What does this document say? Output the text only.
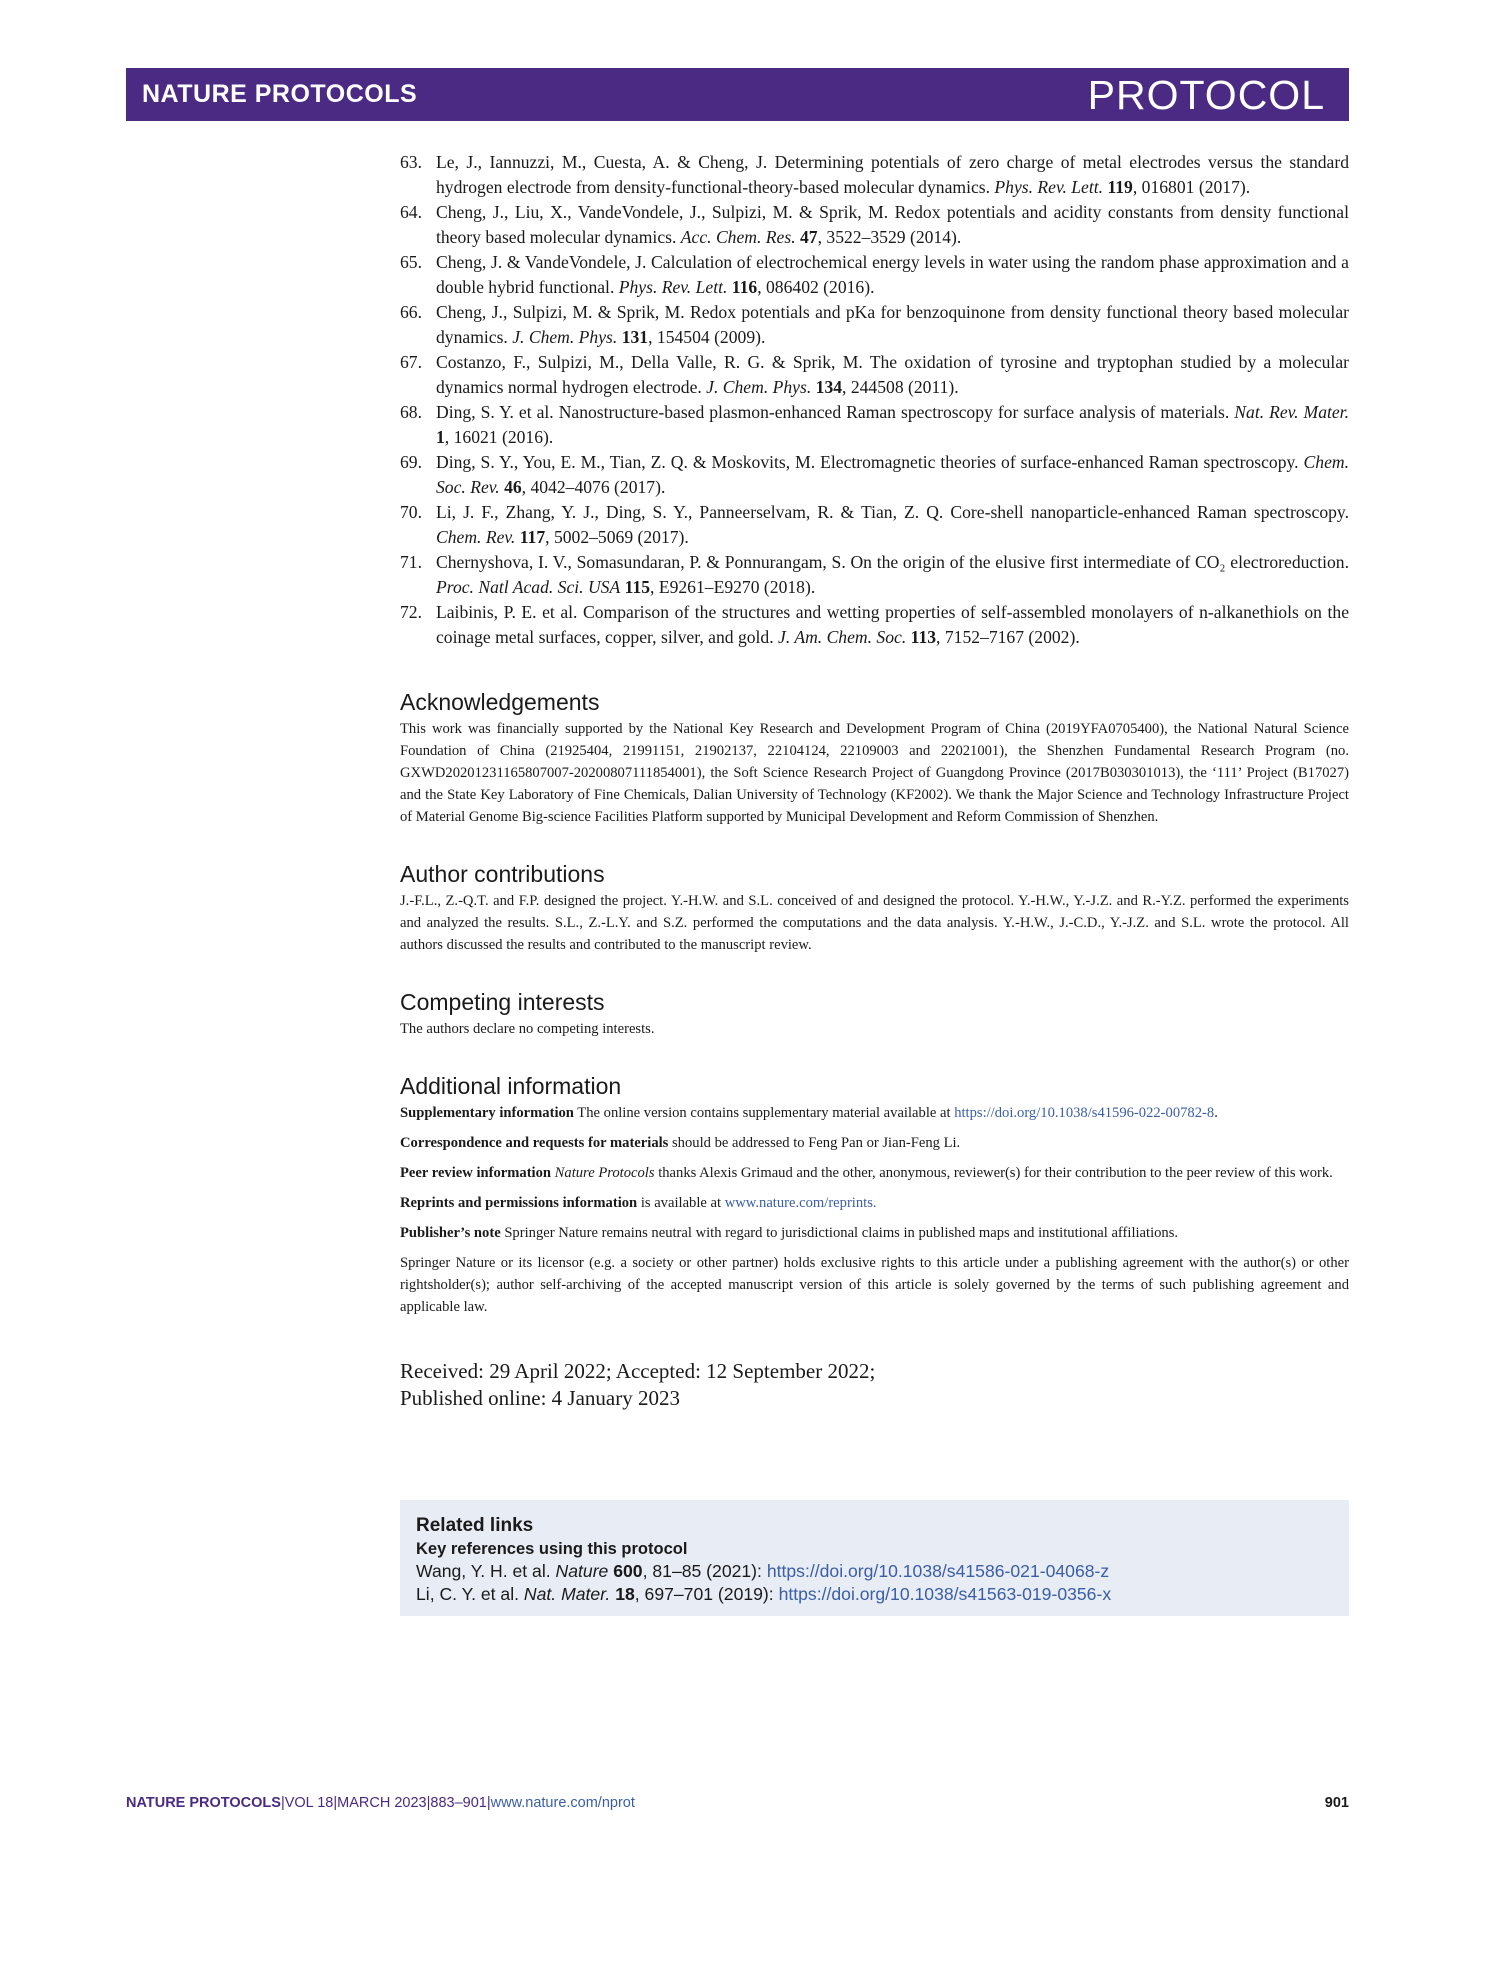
NATURE PROTOCOLS	PROTOCOL
63. Le, J., Iannuzzi, M., Cuesta, A. & Cheng, J. Determining potentials of zero charge of metal electrodes versus the standard hydrogen electrode from density-functional-theory-based molecular dynamics. Phys. Rev. Lett. 119, 016801 (2017).
64. Cheng, J., Liu, X., VandeVondele, J., Sulpizi, M. & Sprik, M. Redox potentials and acidity constants from density functional theory based molecular dynamics. Acc. Chem. Res. 47, 3522–3529 (2014).
65. Cheng, J. & VandeVondele, J. Calculation of electrochemical energy levels in water using the random phase approximation and a double hybrid functional. Phys. Rev. Lett. 116, 086402 (2016).
66. Cheng, J., Sulpizi, M. & Sprik, M. Redox potentials and pKa for benzoquinone from density functional theory based molecular dynamics. J. Chem. Phys. 131, 154504 (2009).
67. Costanzo, F., Sulpizi, M., Della Valle, R. G. & Sprik, M. The oxidation of tyrosine and tryptophan studied by a molecular dynamics normal hydrogen electrode. J. Chem. Phys. 134, 244508 (2011).
68. Ding, S. Y. et al. Nanostructure-based plasmon-enhanced Raman spectroscopy for surface analysis of materials. Nat. Rev. Mater. 1, 16021 (2016).
69. Ding, S. Y., You, E. M., Tian, Z. Q. & Moskovits, M. Electromagnetic theories of surface-enhanced Raman spectroscopy. Chem. Soc. Rev. 46, 4042–4076 (2017).
70. Li, J. F., Zhang, Y. J., Ding, S. Y., Panneerselvam, R. & Tian, Z. Q. Core-shell nanoparticle-enhanced Raman spectroscopy. Chem. Rev. 117, 5002–5069 (2017).
71. Chernyshova, I. V., Somasundaran, P. & Ponnurangam, S. On the origin of the elusive first intermediate of CO₂ electroreduction. Proc. Natl Acad. Sci. USA 115, E9261–E9270 (2018).
72. Laibinis, P. E. et al. Comparison of the structures and wetting properties of self-assembled monolayers of n-alkanethiols on the coinage metal surfaces, copper, silver, and gold. J. Am. Chem. Soc. 113, 7152–7167 (2002).
Acknowledgements

This work was financially supported by the National Key Research and Development Program of China (2019YFA0705400), the National Natural Science Foundation of China (21925404, 21991151, 21902137, 22104124, 22109003 and 22021001), the Shenzhen Fundamental Research Program (no. GXWD20201231165807007-20200807111854001), the Soft Science Research Project of Guangdong Province (2017B030301013), the ‘111’ Project (B17027) and the State Key Laboratory of Fine Chemicals, Dalian University of Technology (KF2002). We thank the Major Science and Technology Infrastructure Project of Material Genome Big-science Facilities Platform supported by Municipal Development and Reform Commission of Shenzhen.

Author contributions

J.-F.L., Z.-Q.T. and F.P. designed the project. Y.-H.W. and S.L. conceived of and designed the protocol. Y.-H.W., Y.-J.Z. and R.-Y.Z. performed the experiments and analyzed the results. S.L., Z.-L.Y. and S.Z. performed the computations and the data analysis. Y.-H.W., J.-C.D., Y.-J.Z. and S.L. wrote the protocol. All authors discussed the results and contributed to the manuscript review.

Competing interests

The authors declare no competing interests.

Additional information

Supplementary information The online version contains supplementary material available at https://doi.org/10.1038/s41596-022-00782-8.

Correspondence and requests for materials should be addressed to Feng Pan or Jian-Feng Li.

Peer review information Nature Protocols thanks Alexis Grimaud and the other, anonymous, reviewer(s) for their contribution to the peer review of this work.

Reprints and permissions information is available at www.nature.com/reprints.

Publisher’s note Springer Nature remains neutral with regard to jurisdictional claims in published maps and institutional affiliations.

Springer Nature or its licensor (e.g. a society or other partner) holds exclusive rights to this article under a publishing agreement with the author(s) or other rightsholder(s); author self-archiving of the accepted manuscript version of this article is solely governed by the terms of such publishing agreement and applicable law.

Received: 29 April 2022; Accepted: 12 September 2022;

Published online: 4 January 2023

Related links
Key references using this protocol
Wang, Y. H. et al. Nature 600, 81–85 (2021): https://doi.org/10.1038/s41586-021-04068-z
Li, C. Y. et al. Nat. Mater. 18, 697–701 (2019): https://doi.org/10.1038/s41563-019-0356-x
NATURE PROTOCOLS|VOL 18|MARCH 2023|883–901|www.nature.com/nprot	901
